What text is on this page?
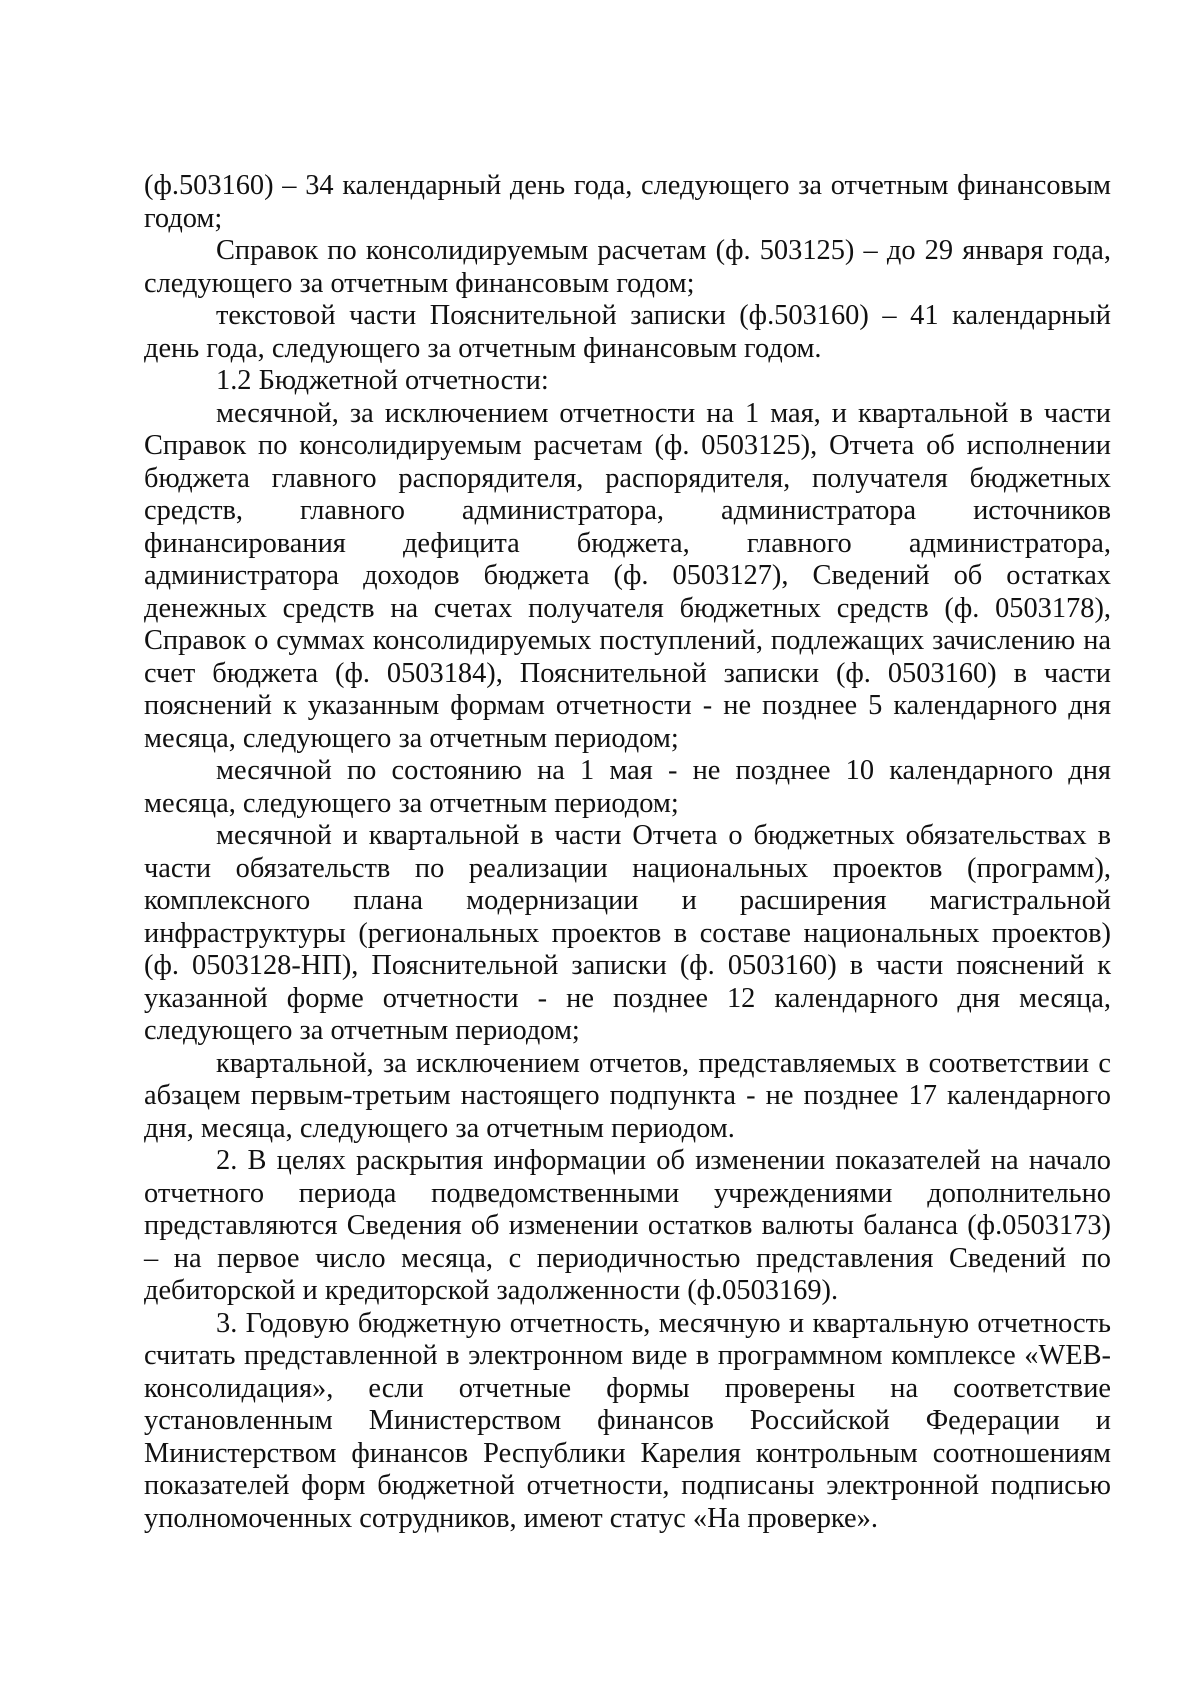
(ф.503160) – 34 календарный день года, следующего за отчетным финансовым годом;

Справок по консолидируемым расчетам (ф. 503125) – до 29 января года, следующего за отчетным финансовым годом;

текстовой части Пояснительной записки (ф.503160) – 41 календарный день года, следующего за отчетным финансовым годом.

1.2 Бюджетной отчетности:

месячной, за исключением отчетности на 1 мая, и квартальной в части Справок по консолидируемым расчетам (ф. 0503125), Отчета об исполнении бюджета главного распорядителя, распорядителя, получателя бюджетных средств, главного администратора, администратора источников финансирования дефицита бюджета, главного администратора, администратора доходов бюджета (ф. 0503127), Сведений об остатках денежных средств на счетах получателя бюджетных средств (ф. 0503178), Справок о суммах консолидируемых поступлений, подлежащих зачислению на счет бюджета (ф. 0503184), Пояснительной записки (ф. 0503160) в части пояснений к указанным формам отчетности - не позднее 5 календарного дня месяца, следующего за отчетным периодом;

месячной по состоянию на 1 мая - не позднее 10 календарного дня месяца, следующего за отчетным периодом;

месячной и квартальной в части Отчета о бюджетных обязательствах в части обязательств по реализации национальных проектов (программ), комплексного плана модернизации и расширения магистральной инфраструктуры (региональных проектов в составе национальных проектов) (ф. 0503128-НП), Пояснительной записки (ф. 0503160) в части пояснений к указанной форме отчетности - не позднее 12 календарного дня месяца, следующего за отчетным периодом;

квартальной, за исключением отчетов, представляемых в соответствии с абзацем первым-третьим настоящего подпункта - не позднее 17 календарного дня, месяца, следующего за отчетным периодом.

2. В целях раскрытия информации об изменении показателей на начало отчетного периода подведомственными учреждениями дополнительно представляются Сведения об изменении остатков валюты баланса (ф.0503173) – на первое число месяца, с периодичностью представления Сведений по дебиторской и кредиторской задолженности (ф.0503169).

3. Годовую бюджетную отчетность, месячную и квартальную отчетность считать представленной в электронном виде в программном комплексе «WEB-консолидация», если отчетные формы проверены на соответствие установленным Министерством финансов Российской Федерации и Министерством финансов Республики Карелия контрольным соотношениям показателей форм бюджетной отчетности, подписаны электронной подписью уполномоченных сотрудников, имеют статус «На проверке».
